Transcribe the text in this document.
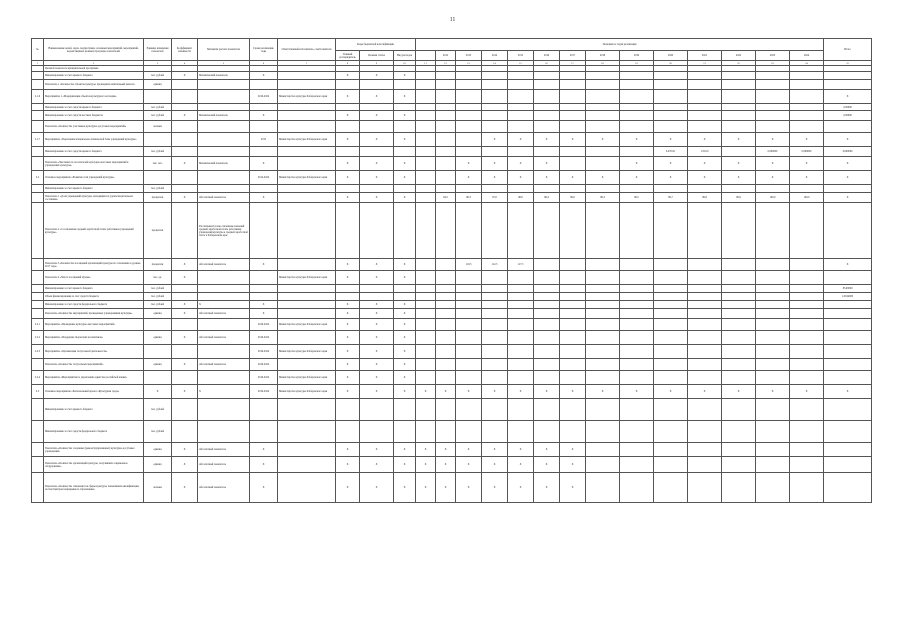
11
№	Наименование целей, задач, подпрограмм, основных мероприятий, мероприятий, ведомственных целевых программ, показателей	Единица измерения показателя	Коэффициент значимости	Механизм расчета показателя	Сроки реализации, годы	Ответственный исполнитель, соисполнители	Коды бюджетной классификации			Значения по годам реализации														Итого
							Главный распорядитель	Целевая статья	Вид расходов		2012	2013	2014	2015	2016	2017	2018	2019	2020	2021	2022	2023	2024	
1	2	3	4	5	6	7	8	9	10	11	12	13	14	15	16	17	18	19	20	21	22	23	24	25
	Целевой показатель муниципальной программы																							
	Финансирование за счет краевого бюджета	тыс. рублей	X	Механический показатель	X		X	X	X															
	Показатель 1 «Количество объектов культуры, прошедших капитальный ремонт»	единиц																						
2.1.6	Мероприятие 1 «Модернизация объектов культурного наследия»				2016-2024	Министерство культуры Хабаровского края	X	X	X															X
	Финансирование за счет средств краевого бюджета	тыс. рублей																						0,00000
	Финансирование за счет средств местных бюджетов	тыс. рублей	X	Механический показатель	X		X	X	X															0,00000
	Показатель «Количество участников культурно-досуговых мероприятий»	человек																						
2.1.7	Мероприятие «Укрепление материально-технической базы учреждений культуры»				2015	Министерство культуры Хабаровского края	X	X	X				X	X	X	X	X	X	X	X	X	X	X	X
	Финансирование за счет средств краевого бюджета	тыс. рублей																	6 470,91	1 810,0		0,000000	0,000000	0,000000
	Показатель «Численность посетителей культурно-массовых мероприятий в учреждениях культуры»	тыс. чел.	X	Механический показатель	X		X	X	X			X	X	X	X			X	X	X	X	X	X	X
2.2	Основное мероприятие «Развитие сети учреждений культуры»				2014-2024	Министерство культуры Хабаровского края	X	X	X			X	X	X	X	X	X	X	X	X	X	X	X	X
	Финансирование за счет краевого бюджета	тыс. рублей																						
	Показатель 1 «Доля учреждений культуры, находящихся в удовлетворительном состоянии»	процентов	X	Абсолютный показатель	X		X	X	X		94,5	96,3	97,0	98,0	98,4	99,0	99,3	99,5	99,7	99,8	99,9	100,0	100,0	X
	Показатель 2 «Соотношение средней заработной платы работников учреждений культуры»	процентов		Рассчитывается как отношение значений средней заработной платы работников учреждений культуры к средней заработной плате в Хабаровском крае																				
	Показатель 3 «Количество посещений организаций культуры по отношению к уровню 2017 года»	процентов	X	Абсолютный показатель	X		X	X	X			110,5	112,5	117,5										X
	Показатель 4 «Число посещений музеев»	тыс. ед.	X			Министерство культуры Хабаровского края	X	X	X															
	Финансирование за счет краевого бюджета	тыс. рублей																						85,00000
	Объем финансирования за счет средств бюджета	тыс. рублей																						145,94000
	Финансирование за счет средств федерального бюджета	тыс. рублей	X	X	X		X	X	X															
	Показатель «Количество мероприятий, проведенных учреждениями культуры»	единиц	X	Абсолютный показатель	X		X	X	X															
2.2.1	Мероприятие «Проведение культурно-массовых мероприятий»				2016-2024	Министерство культуры Хабаровского края	X	X	X															
2.2.2	Мероприятие «Поддержка творческих коллективов»	единиц	X	Абсолютный показатель	2016-2024		X	X	X															
2.2.3	Мероприятие «Организация гастрольной деятельности»				2016-2024	Министерство культуры Хабаровского края	X	X	X															
	Показатель «Количество гастрольных мероприятий»	единиц	X	Абсолютный показатель	2016-2024		X	X	X															
2.2.4	Мероприятие «Мероприятия по укреплению единства российской нации»				2016-2024	Министерство культуры Хабаровского края	X	X	X															
2.3	Основное мероприятие «Региональный проект «Культурная среда»	X	X	X	2019-2024	Министерство культуры Хабаровского края	X	X	X	X	X	X	X	X	X	X	X	X	X	X	X	X	X	X
	Финансирование за счет краевого бюджета	тыс. рублей																						
	Финансирование за счет средств федерального бюджета	тыс. рублей																						
	Показатель «Количество созданных (реконструированных) культурно-досуговых учреждений»	единиц	X	Абсолютный показатель	X		X	X	X	X	X	X	X	X	X	X								
	Показатель «Количество организаций культуры, получивших современное оборудование»	единиц	X	Абсолютный показатель	X		X	X	X	X	X	X	X	X	X	X								
	Показатель «Количество специалистов сферы культуры, повысивших квалификацию на базе Центров непрерывного образования»	человек	X	Абсолютный показатель	X		X	X	X	X	X	X	X	X	X	X								
